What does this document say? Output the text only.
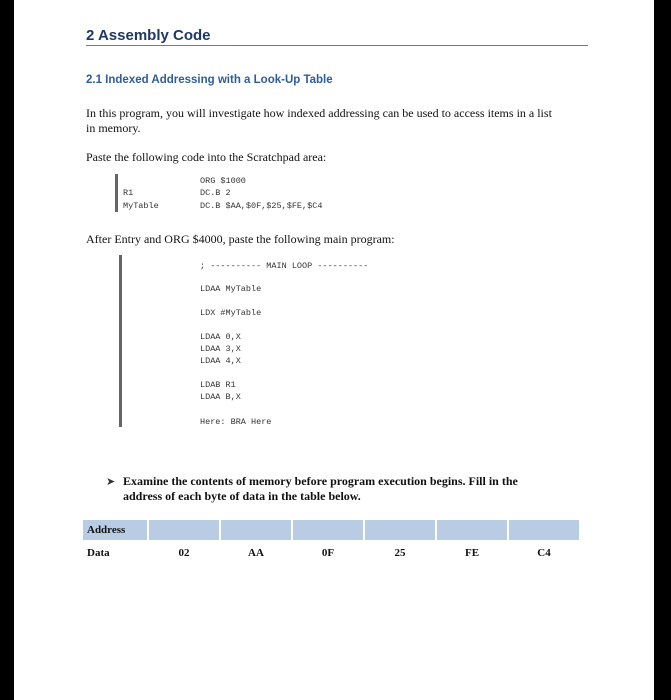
2 Assembly Code
2.1 Indexed Addressing with a Look-Up Table
In this program, you will investigate how indexed addressing can be used to access items in a list
in memory.
Paste the following code into the Scratchpad area:
ORG $1000
R1	DC.B 2
MyTable	DC.B $AA,$0F,$25,$FE,$C4
After Entry and ORG $4000, paste the following main program:
; ---------- MAIN LOOP ----------
LDAA MyTable
LDX #MyTable
LDAA 0,X
LDAA 3,X
LDAA 4,X
LDAB R1
LDAA B,X
Here: BRA Here
➤ Examine the contents of memory before program execution begins. Fill in the
address of each byte of data in the table below.
Address						
Data	02	AA	0F	25	FE	C4
